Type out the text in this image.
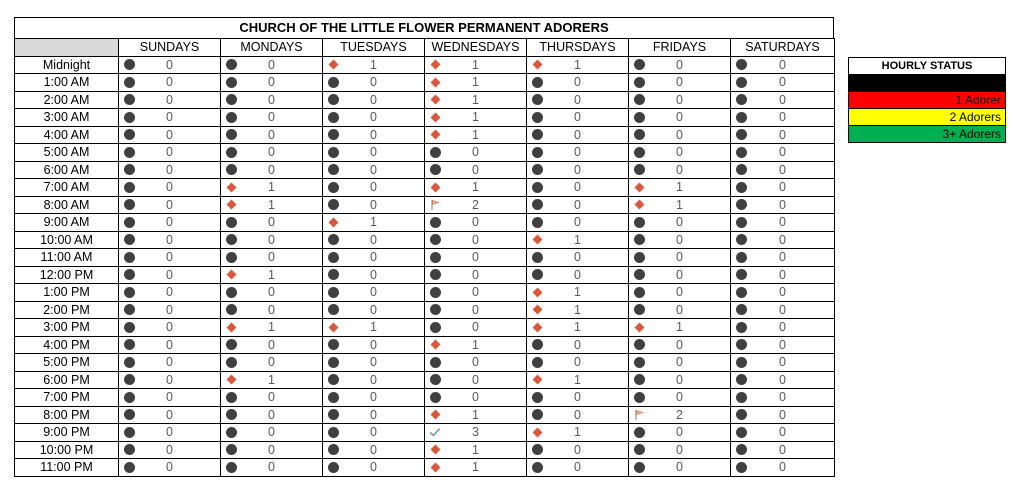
CHURCH OF THE LITTLE FLOWER PERMANENT ADORERS
	SUNDAYS	MONDAYS	TUESDAYS	WEDNESDAYS	THURSDAYS	FRIDAYS	SATURDAYS
Midnight	0	0	1	1	1	0	0

1:00 AM	0	0	0	1	0	0	0

2:00 AM	0	0	0	1	0	0	0

3:00 AM	0	0	0	1	0	0	0

4:00 AM	0	0	0	1	0	0	0

5:00 AM	0	0	0	0	0	0	0

6:00 AM	0	0	0	0	0	0	0

7:00 AM	0	1	0	1	0	1	0

8:00 AM	0	1	0	2	0	1	0

9:00 AM	0	0	1	0	0	0	0

10:00 AM	0	0	0	0	1	0	0

11:00 AM	0	0	0	0	0	0	0

12:00 PM	0	1	0	0	0	0	0

1:00 PM	0	0	0	0	1	0	0

2:00 PM	0	0	0	0	1	0	0

3:00 PM	0	1	1	0	1	1	0

4:00 PM	0	0	0	1	0	0	0

5:00 PM	0	0	0	0	0	0	0

6:00 PM	0	1	0	0	1	0	0

7:00 PM	0	0	0	0	0	0	0

8:00 PM	0	0	0	1	0	2	0

9:00 PM	0	0	0	3	1	0	0

10:00 PM	0	0	0	1	0	0	0

11:00 PM	0	0	0	1	0	0	0
HOURLY STATUS
No Adorers
1 Adorer
2 Adorers
3+ Adorers
